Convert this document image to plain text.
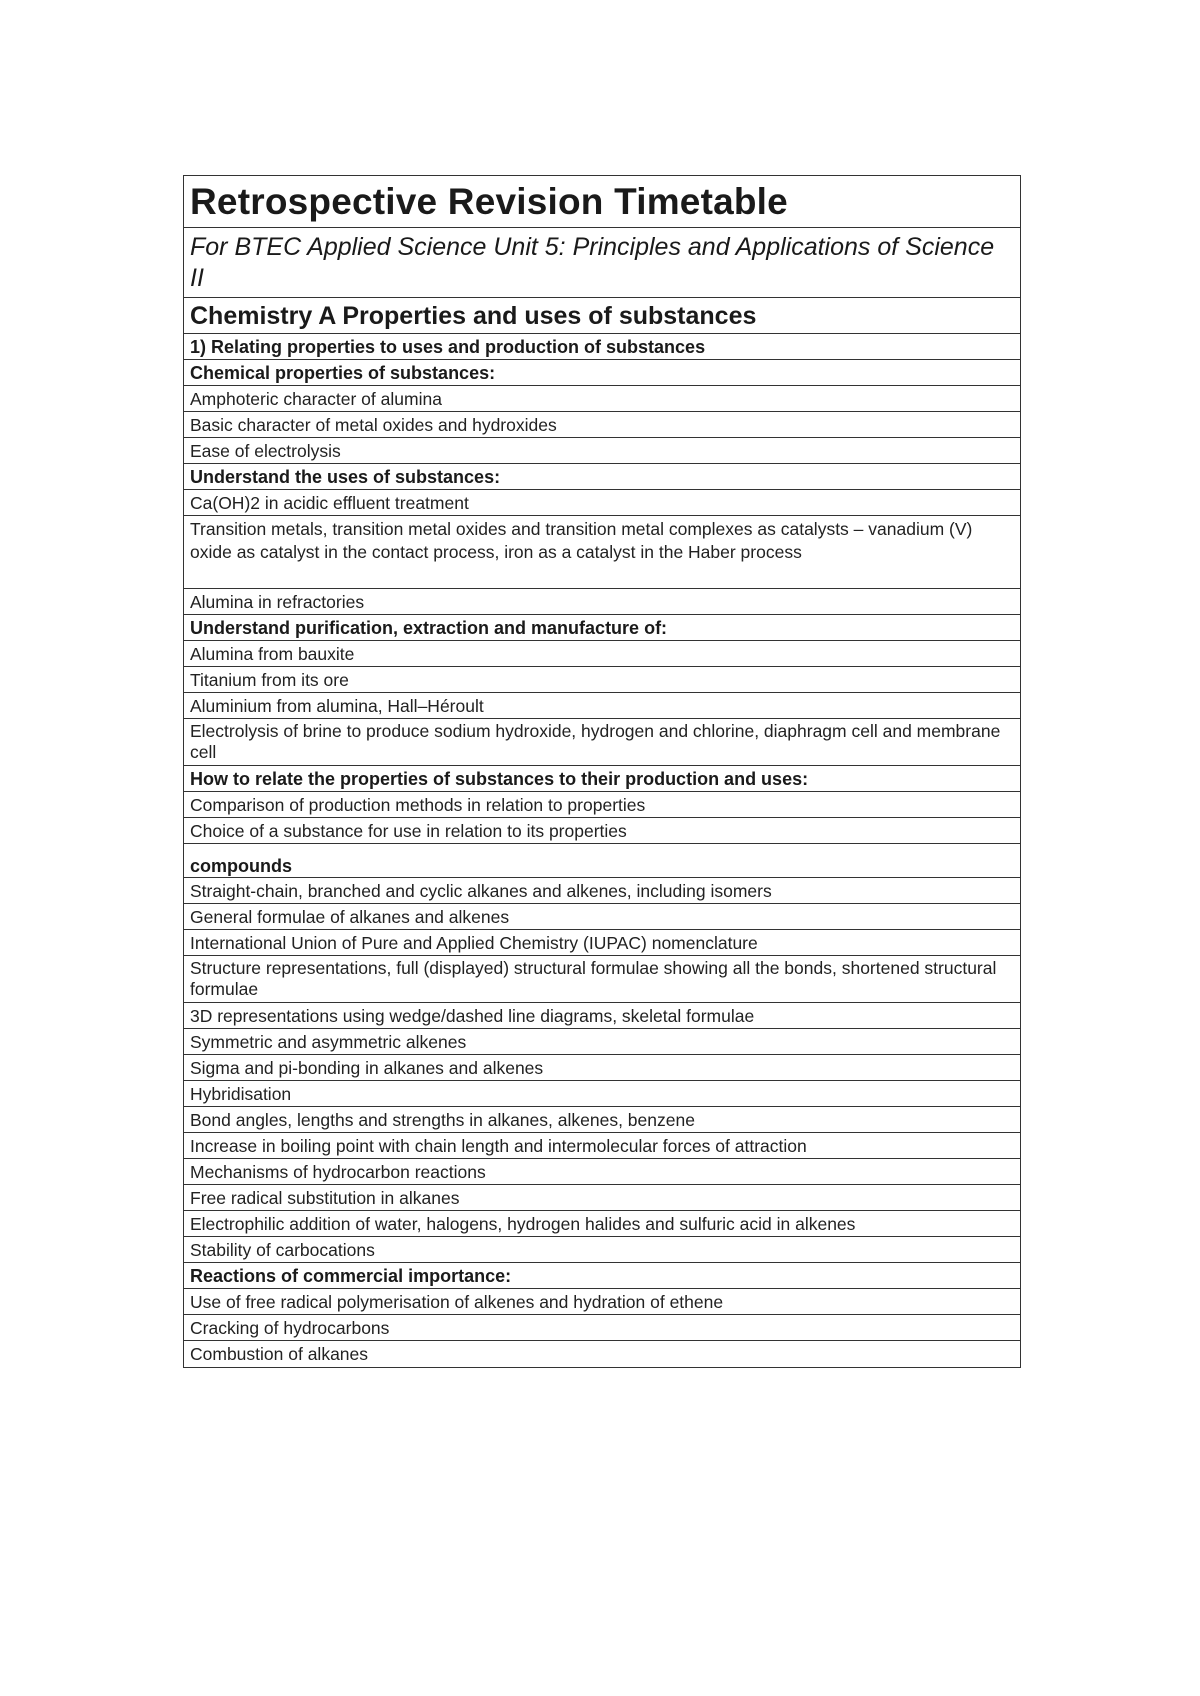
Retrospective Revision Timetable
For BTEC Applied Science Unit 5: Principles and Applications of Science II
Chemistry A Properties and uses of substances
1) Relating properties to uses and production of substances
Chemical properties of substances:
Amphoteric character of alumina
Basic character of metal oxides and hydroxides
Ease of electrolysis
Understand the uses of substances:
Ca(OH)2 in acidic effluent treatment
Transition metals, transition metal oxides and transition metal complexes as catalysts – vanadium (V) oxide as catalyst in the contact process, iron as a catalyst in the Haber process
Alumina in refractories
Understand purification, extraction and manufacture of:
Alumina from bauxite
Titanium from its ore
Aluminium from alumina, Hall–Héroult
Electrolysis of brine to produce sodium hydroxide, hydrogen and chlorine, diaphragm cell and membrane cell
How to relate the properties of substances to their production and uses:
Comparison of production methods in relation to properties
Choice of a substance for use in relation to its properties
compounds
Straight-chain, branched and cyclic alkanes and alkenes, including isomers
General formulae of alkanes and alkenes
International Union of Pure and Applied Chemistry (IUPAC) nomenclature
Structure representations, full (displayed) structural formulae showing all the bonds, shortened structural formulae
3D representations using wedge/dashed line diagrams, skeletal formulae
Symmetric and asymmetric alkenes
Sigma and pi-bonding in alkanes and alkenes
Hybridisation
Bond angles, lengths and strengths in alkanes, alkenes, benzene
Increase in boiling point with chain length and intermolecular forces of attraction
Mechanisms of hydrocarbon reactions
Free radical substitution in alkanes
Electrophilic addition of water, halogens, hydrogen halides and sulfuric acid in alkenes
Stability of carbocations
Reactions of commercial importance:
Use of free radical polymerisation of alkenes and hydration of ethene
Cracking of hydrocarbons
Combustion of alkanes
